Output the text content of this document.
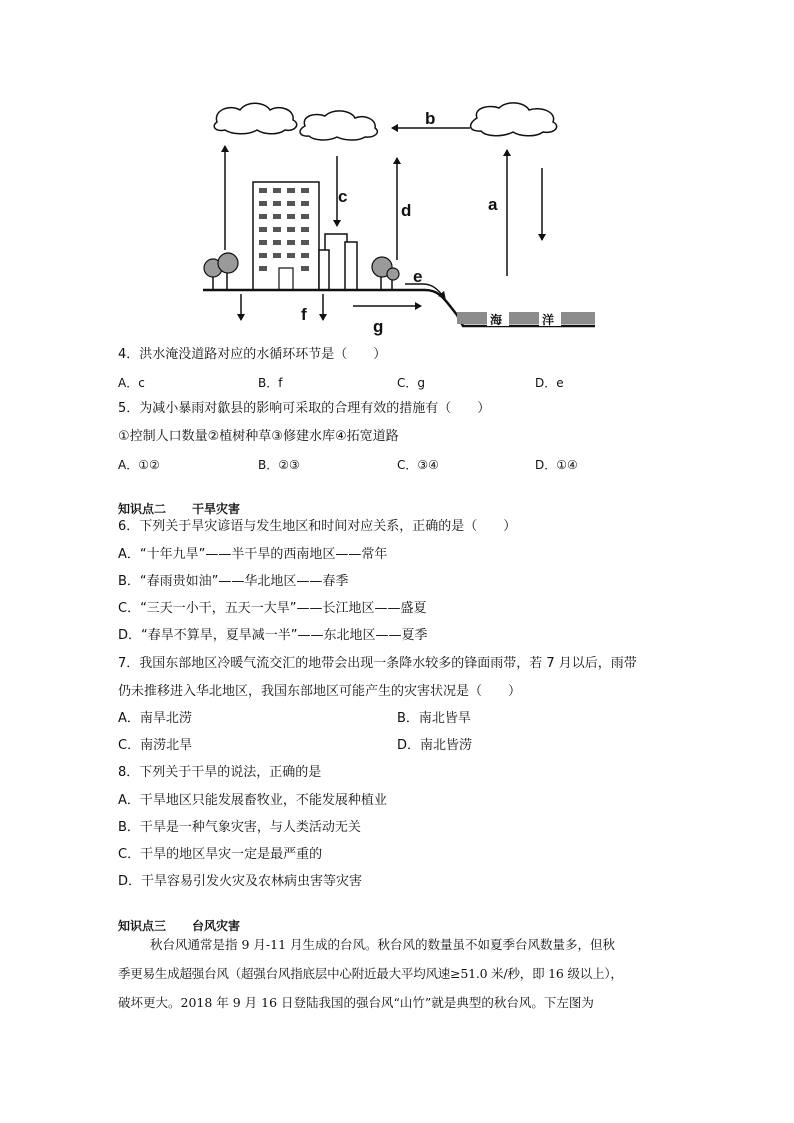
b
c
d	a
e
f
g	海	洋
4．洪水淹没道路对应的水循环环节是（　　）
A．c	B．f	C．g	D．e
5．为减小暴雨对歙县的影响可采取的合理有效的措施有（　　）
①控制人口数量②植树种草③修建水库④拓宽道路
A．①②	B．②③	C．③④	D．①④
知识点二 干旱灾害
6．下列关于旱灾谚语与发生地区和时间对应关系，正确的是（　　）
A．“十年九旱”——半干旱的西南地区——常年
B．“春雨贵如油”——华北地区——春季
C．“三天一小干，五天一大旱”——长江地区——盛夏
D．“春旱不算旱，夏旱减一半”——东北地区——夏季
7．我国东部地区冷暖气流交汇的地带会出现一条降水较多的锋面雨带，若 7 月以后，雨带
仍未推移进入华北地区，我国东部地区可能产生的灾害状况是（　　）
A．南旱北涝	B．南北皆旱
C．南涝北旱	D．南北皆涝
8．下列关于干旱的说法，正确的是
A．干旱地区只能发展畜牧业，不能发展种植业
B．干旱是一种气象灾害，与人类活动无关
C．干旱的地区旱灾一定是最严重的
D．干旱容易引发火灾及农林病虫害等灾害
知识点三 台风灾害
秋台风通常是指 9 月-11 月生成的台风。秋台风的数量虽不如夏季台风数量多，但秋
季更易生成超强台风（超强台风指底层中心附近最大平均风速≥51.0 米/秒，即 16 级以上），
破坏更大。2018 年 9 月 16 日登陆我国的强台风“山竹”就是典型的秋台风。下左图为
